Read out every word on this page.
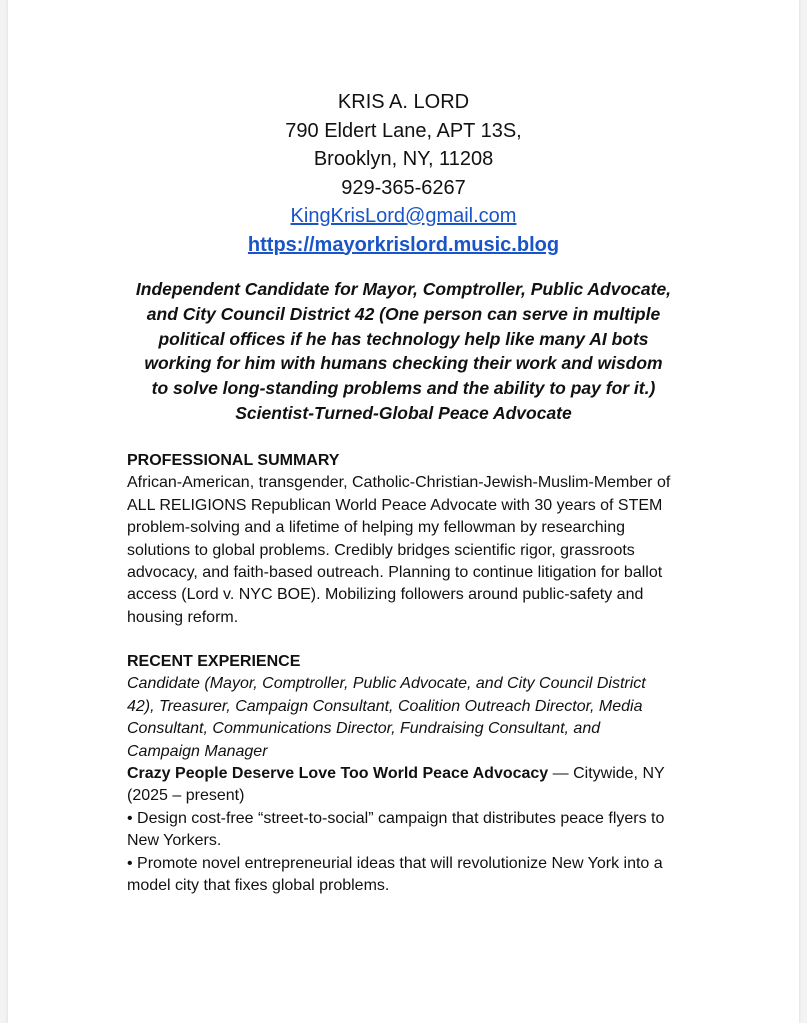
KRIS A. LORD
790 Eldert Lane, APT 13S,
Brooklyn, NY, 11208
929-365-6267
KingKrisLord@gmail.com
https://mayorkrislord.music.blog
Independent Candidate for Mayor, Comptroller, Public Advocate,
and City Council District 42 (One person can serve in multiple
political offices if he has technology help like many AI bots
working for him with humans checking their work and wisdom
to solve long-standing problems and the ability to pay for it.)
Scientist-Turned-Global Peace Advocate
PROFESSIONAL SUMMARY
African-American, transgender, Catholic-Christian-Jewish-Muslim-Member of
ALL RELIGIONS Republican World Peace Advocate with 30 years of STEM
problem-solving and a lifetime of helping my fellowman by researching
solutions to global problems. Credibly bridges scientific rigor, grassroots
advocacy, and faith-based outreach. Planning to continue litigation for ballot
access (Lord v. NYC BOE). Mobilizing followers around public-safety and
housing reform.
RECENT EXPERIENCE
Candidate (Mayor, Comptroller, Public Advocate, and City Council District
42), Treasurer, Campaign Consultant, Coalition Outreach Director, Media
Consultant, Communications Director, Fundraising Consultant, and
Campaign Manager
Crazy People Deserve Love Too World Peace Advocacy — Citywide, NY
(2025 – present)
• Design cost-free “street-to-social” campaign that distributes peace flyers to
New Yorkers.
• Promote novel entrepreneurial ideas that will revolutionize New York into a
model city that fixes global problems.
